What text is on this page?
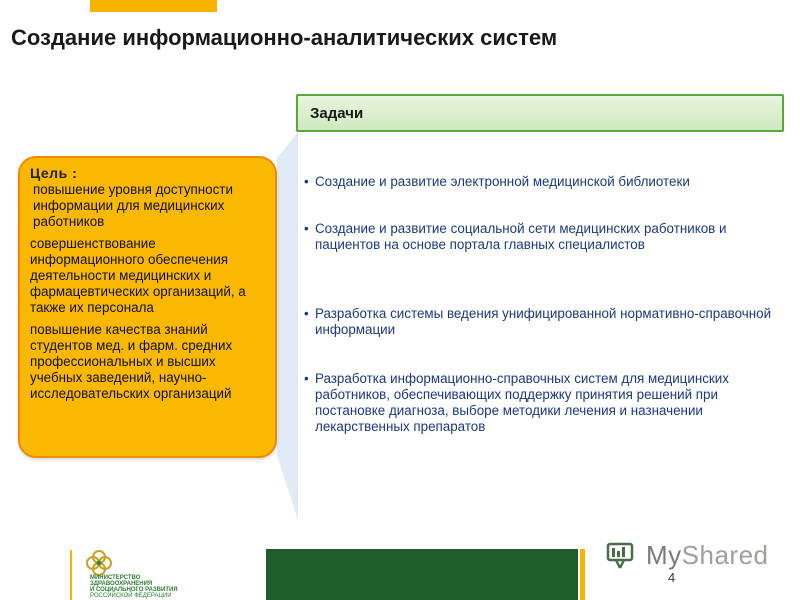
Создание информационно-аналитических систем
Цель :
повышение уровня доступности информации для медицинских работников
совершенствование информационного обеспечения деятельности медицинских и фармацевтических организаций, а также их персонала
повышение качества знаний студентов мед. и фарм. средних профессиональных и высших учебных заведений, научно-исследовательских организаций
Задачи
• Создание и развитие электронной медицинской библиотеки
• Создание и развитие социальной сети медицинских работников и пациентов на основе портала главных специалистов
• Разработка системы ведения унифицированной нормативно-справочной информации
• Разработка информационно-справочных систем для медицинских работников, обеспечивающих поддержку принятия решений при постановке диагноза, выборе методики лечения и назначении лекарственных препаратов
МИНИСТЕРСТВО
ЗДРАВООХРАНЕНИЯ
И СОЦИАЛЬНОГО РАЗВИТИЯ
РОССИЙСКОЙ ФЕДЕРАЦИИ
MyShared
4
